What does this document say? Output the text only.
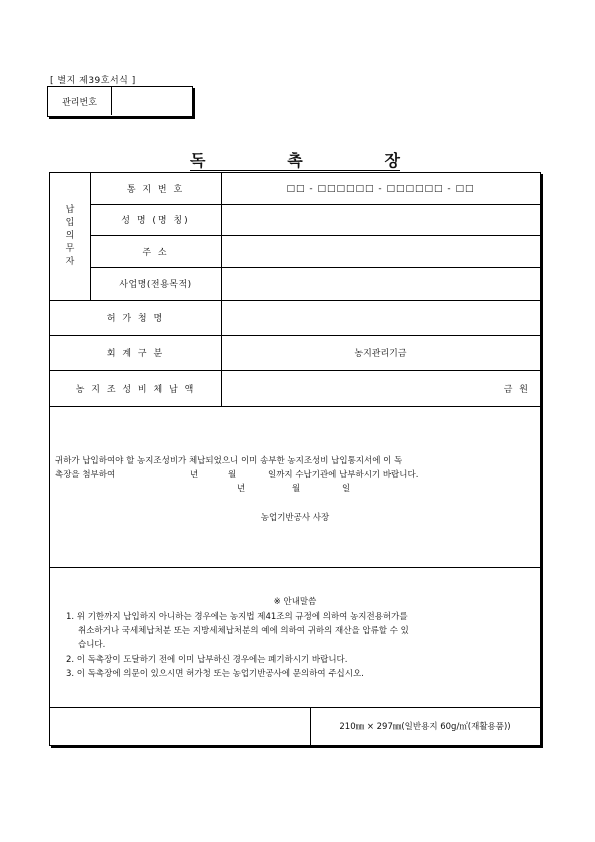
[ 별지 제39호서식 ]
관리번호
독	촉	장
납
입
의
무
자
통 지 번 호	□□ - □□□□□□ - □□□□□□ - □□
성 명 (명 칭)
주 소
사업명(전용목적)
허 가 청 명
회 계 구 분	농지관리기금
농 지 조 성 비 체 납 액	금 원
귀하가 납입하여야 할 농지조성비가 체납되었으니 이미 송부한 농지조성비 납입통지서에 이 독
촉장을 첨부하여	년	월	일까지 수납기관에 납부하시기 바랍니다.
년	월	일
농업기반공사 사장
※ 안내말씀
1. 위 기한까지 납입하지 아니하는 경우에는 농지법 제41조의 규정에 의하여 농지전용허가를
취소하거나 국세체납처분 또는 지방세체납처분의 예에 의하여 귀하의 재산을 압류할 수 있
습니다.
2. 이 독촉장이 도달하기 전에 이미 납부하신 경우에는 폐기하시기 바랍니다.
3. 이 독촉장에 의문이 있으시면 허가청 또는 농업기반공사에 문의하여 주십시오.
210㎜ × 297㎜(일반용지 60g/㎡(재활용품))
